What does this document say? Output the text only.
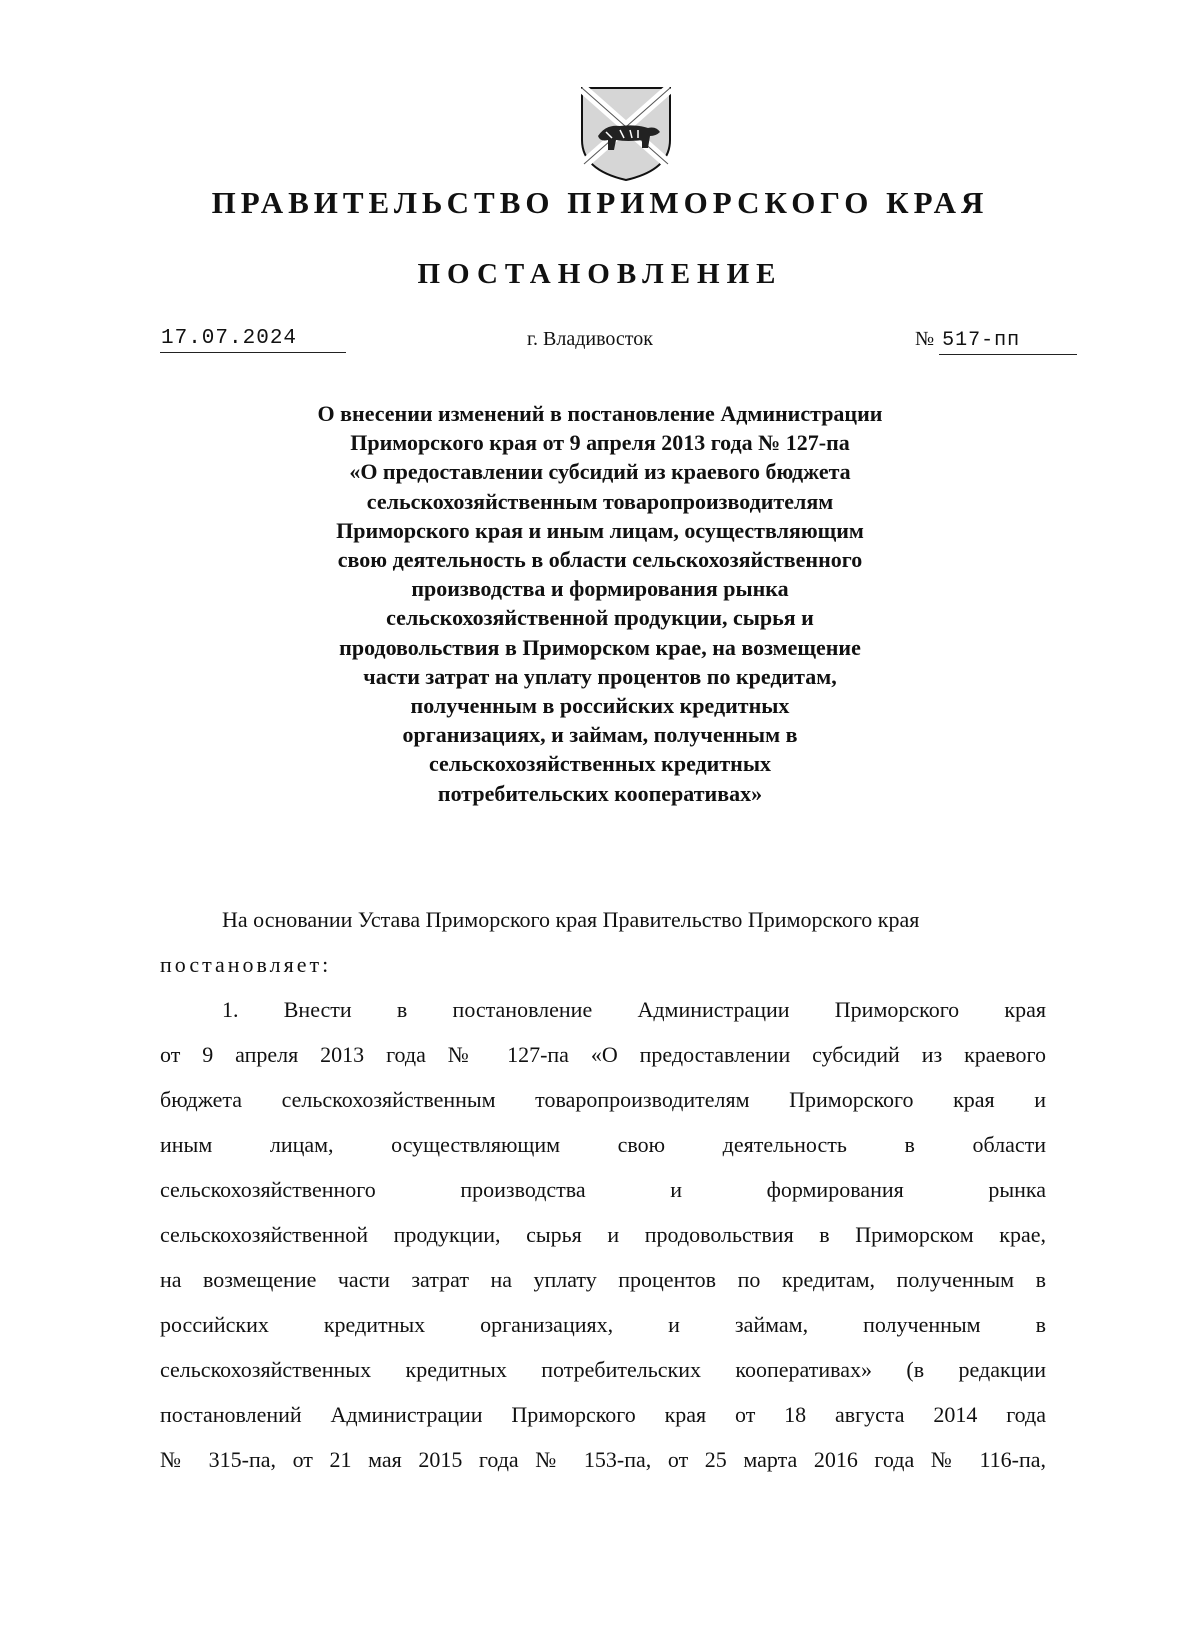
ПРАВИТЕЛЬСТВО ПРИМОРСКОГО КРАЯ
ПОСТАНОВЛЕНИЕ
17.07.2024	г. Владивосток	№ 517-пп
О внесении изменений в постановление Администрации
Приморского края от 9 апреля 2013 года № 127-па
«О предоставлении субсидий из краевого бюджета
сельскохозяйственным товаропроизводителям
Приморского края и иным лицам, осуществляющим
свою деятельность в области сельскохозяйственного
производства и формирования рынка
сельскохозяйственной продукции, сырья и
продовольствия в Приморском крае, на возмещение
части затрат на уплату процентов по кредитам,
полученным в российских кредитных
организациях, и займам, полученным в
сельскохозяйственных кредитных
потребительских кооперативах»
На основании Устава Приморского края Правительство Приморского края
постановляет:
1. Внести в постановление Администрации Приморского края
от 9 апреля 2013 года № 127-па «О предоставлении субсидий из краевого
бюджета сельскохозяйственным товаропроизводителям Приморского края и
иным лицам, осуществляющим свою деятельность в области
сельскохозяйственного производства и формирования рынка
сельскохозяйственной продукции, сырья и продовольствия в Приморском крае,
на возмещение части затрат на уплату процентов по кредитам, полученным в
российских кредитных организациях, и займам, полученным в
сельскохозяйственных кредитных потребительских кооперативах» (в редакции
постановлений Администрации Приморского края от 18 августа 2014 года
№ 315-па, от 21 мая 2015 года № 153-па, от 25 марта 2016 года № 116-па,
